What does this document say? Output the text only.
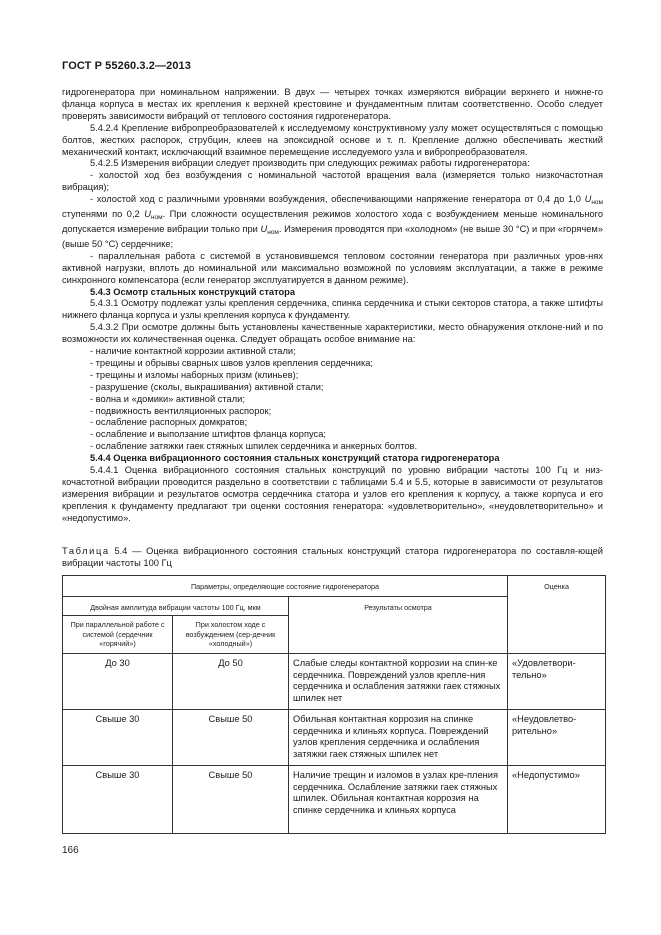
ГОСТ Р 55260.3.2—2013

гидрогенератора при номинальном напряжении. В двух — четырех точках измеряются вибрации верхнего и нижне-го фланца корпуса в местах их крепления к верхней крестовине и фундаментным плитам соответственно. Особо следует проверять зависимости вибраций от теплового состояния гидрогенератора.

5.4.2.4 Крепление вибропреобразователей к исследуемому конструктивному узлу может осуществляться с помощью болтов, жестких распорок, струбцин, клеев на эпоксидной основе и т. п. Крепление должно обеспечивать жесткий механический контакт, исключающий взаимное перемещение исследуемого узла и вибропреобразователя.

5.4.2.5 Измерения вибрации следует производить при следующих режимах работы гидрогенератора:

- холостой ход без возбуждения с номинальной частотой вращения вала (измеряется только низкочастотная вибрация);

- холостой ход с различными уровнями возбуждения, обеспечивающими напряжение генератора от 0,4 до 1,0 $U_{ном}$ ступенями по 0,2 $U_{ном}$. При сложности осуществления режимов холостого хода с возбуждением меньше номинального допускается измерение вибрации только при $U_{ном}$. Измерения проводятся при «холодном» (не выше 30 °С) и при «горячем» (выше 50 °С) сердечнике;

- параллельная работа с системой в установившемся тепловом состоянии генератора при различных уров-нях активной нагрузки, вплоть до номинальной или максимально возможной по условиям эксплуатации, а также в режиме синхронного компенсатора (если генератор эксплуатируется в данном режиме).

5.4.3 Осмотр стальных конструкций статора

5.4.3.1 Осмотру подлежат узлы крепления сердечника, спинка сердечника и стыки секторов статора, а также штифты нижнего фланца корпуса и узлы крепления корпуса к фундаменту.

5.4.3.2 При осмотре должны быть установлены качественные характеристики, место обнаружения отклоне-ний и по возможности их количественная оценка. Следует обращать особое внимание на:

- наличие контактной коррозии активной стали;

- трещины и обрывы сварных швов узлов крепления сердечника;

- трещины и изломы наборных призм (клиньев);

- разрушение (сколы, выкрашивания) активной стали;

- волна и «домики» активной стали;

- подвижность вентиляционных распорок;

- ослабление распорных домкратов;

- ослабление и выползание штифтов фланца корпуса;

- ослабление затяжки гаек стяжных шпилек сердечника и анкерных болтов.

5.4.4 Оценка вибрационного состояния стальных конструкций статора гидрогенератора

5.4.4.1 Оценка вибрационного состояния стальных конструкций по уровню вибрации частоты 100 Гц и низ-кочастотной вибрации проводится раздельно в соответствии с таблицами 5.4 и 5.5, которые в зависимости от результатов измерения вибрации и результатов осмотра сердечника статора и узлов его крепления к корпусу, а также корпуса и его крепления к фундаменту предлагают три оценки состояния генератора: «удовлетворительно», «неудовлетворительно» и «недопустимо».

Таблица 5.4 — Оценка вибрационного состояния стальных конструкций статора гидрогенератора по составля-ющей вибрации частоты 100 Гц
Параметры, определяющие состояние гидрогенератора			Оценка
Двойная амплитуда вибрации частоты 100 Гц, мкм		Результаты осмотра	
При параллельной работе с системой (сердечник «горячий»)	При холостом ходе с возбуждением (сер-дечник «холодный»)		
До 30	До 50	Слабые следы контактной коррозии на спин-ке сердечника. Повреждений узлов крепле-ния сердечника и ослабления затяжки гаек стяжных шпилек нет	«Удовлетвори-тельно»
Свыше 30	Свыше 50	Обильная контактная коррозия на спинке сердечника и клиньях корпуса. Повреждений узлов крепления сердечника и ослабления затяжки гаек стяжных шпилек нет	«Неудовлетво-рительно»
Свыше 30	Свыше 50	Наличие трещин и изломов в узлах кре-пления сердечника. Ослабление затяжки гаек стяжных шпилек. Обильная контактная коррозия на спинке сердечника и клиньях корпуса	«Недопустимо»
166
